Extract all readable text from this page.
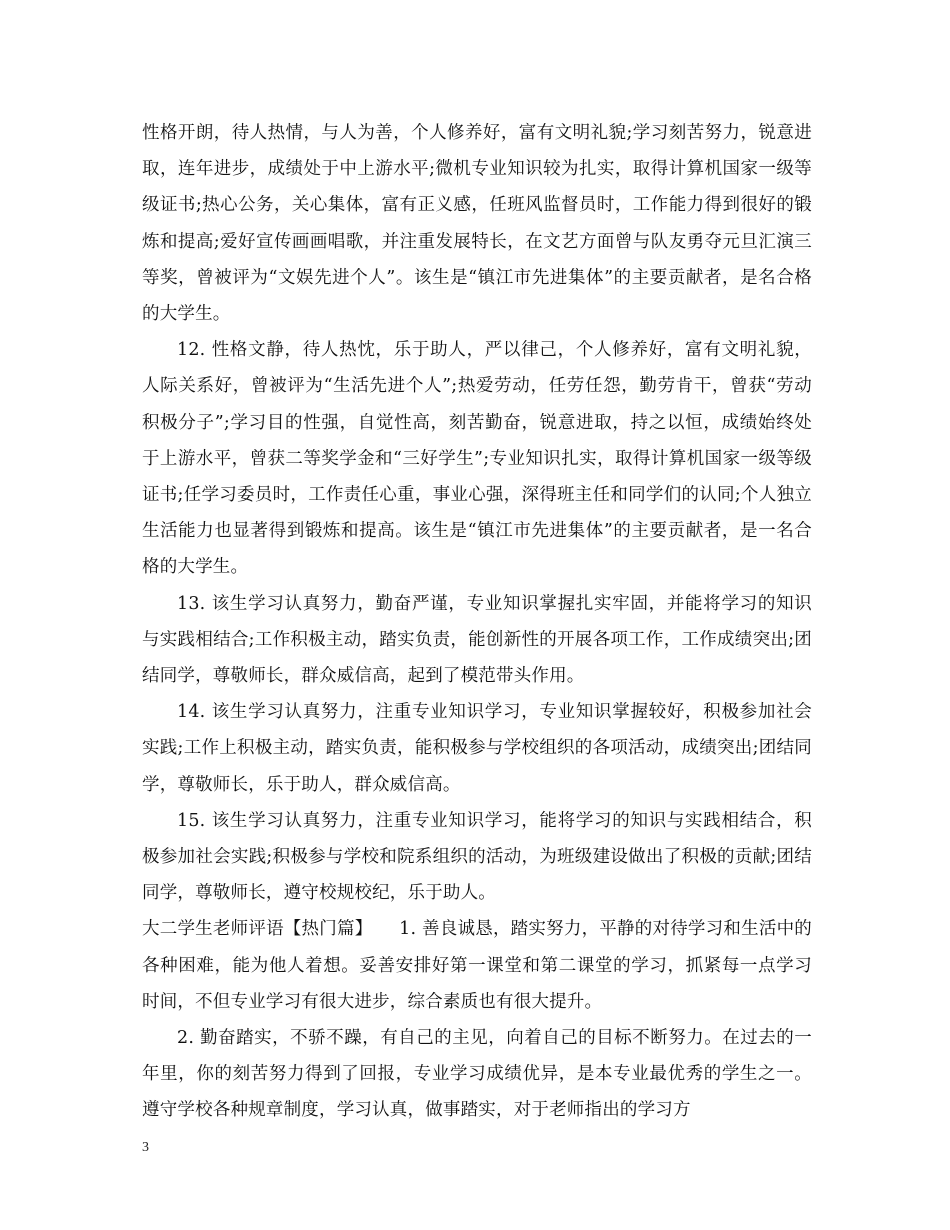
性格开朗，待人热情，与人为善，个人修养好，富有文明礼貌;学习刻苦努力，锐意进取，连年进步，成绩处于中上游水平;微机专业知识较为扎实，取得计算机国家一级等级证书;热心公务，关心集体，富有正义感，任班风监督员时，工作能力得到很好的锻炼和提高;爱好宣传画画唱歌，并注重发展特长，在文艺方面曾与队友勇夺元旦汇演三等奖，曾被评为“文娱先进个人”。该生是“镇江市先进集体”的主要贡献者，是名合格的大学生。

12. 性格文静，待人热忱，乐于助人，严以律己，个人修养好，富有文明礼貌，人际关系好，曾被评为“生活先进个人”;热爱劳动，任劳任怨，勤劳肯干，曾获“劳动积极分子”;学习目的性强，自觉性高，刻苦勤奋，锐意进取，持之以恒，成绩始终处于上游水平，曾获二等奖学金和“三好学生”;专业知识扎实，取得计算机国家一级等级证书;任学习委员时，工作责任心重，事业心强，深得班主任和同学们的认同;个人独立生活能力也显著得到锻炼和提高。该生是“镇江市先进集体”的主要贡献者，是一名合格的大学生。

13. 该生学习认真努力，勤奋严谨，专业知识掌握扎实牢固，并能将学习的知识与实践相结合;工作积极主动，踏实负责，能创新性的开展各项工作，工作成绩突出;团结同学，尊敬师长，群众威信高，起到了模范带头作用。

14. 该生学习认真努力，注重专业知识学习，专业知识掌握较好，积极参加社会实践;工作上积极主动，踏实负责，能积极参与学校组织的各项活动，成绩突出;团结同学，尊敬师长，乐于助人，群众威信高。

15. 该生学习认真努力，注重专业知识学习，能将学习的知识与实践相结合，积极参加社会实践;积极参与学校和院系组织的活动，为班级建设做出了积极的贡献;团结同学，尊敬师长，遵守校规校纪，乐于助人。

大二学生老师评语【热门篇】　　1. 善良诚恳，踏实努力，平静的对待学习和生活中的各种困难，能为他人着想。妥善安排好第一课堂和第二课堂的学习，抓紧每一点学习时间，不但专业学习有很大进步，综合素质也有很大提升。

2. 勤奋踏实，不骄不躁，有自己的主见，向着自己的目标不断努力。在过去的一年里，你的刻苦努力得到了回报，专业学习成绩优异，是本专业最优秀的学生之一。 遵守学校各种规章制度，学习认真，做事踏实，对于老师指出的学习方

3
